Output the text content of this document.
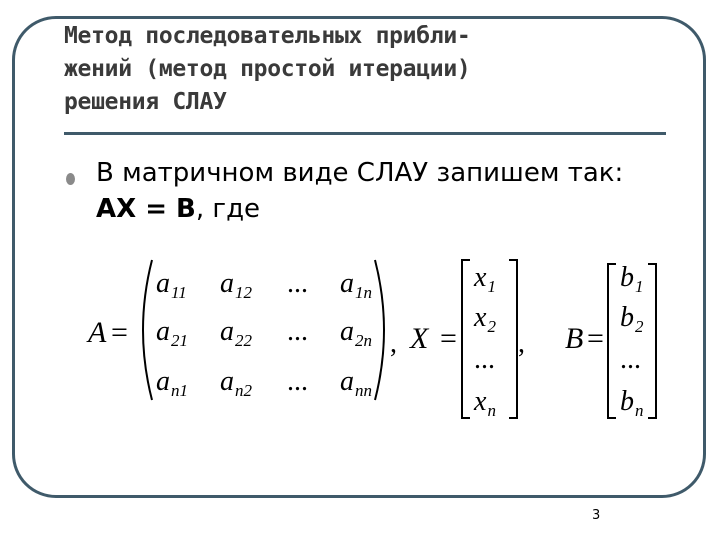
Метод последовательных прибли-
жений (метод простой итерации)
решения СЛАУ
В матричном виде СЛАУ запишем так:
AX = B, где
A =	, X = , B =
$a_{11}$ $a_{12}$ ... $a_{1n}$
$a_{21}$ $a_{22}$ ... $a_{2n}$
$a_{n1}$ $a_{n2}$ ... $a_{nn}$
$x_1$
$x_2$
...
$x_n$
$b_1$
$b_2$
...
$b_n$
3
